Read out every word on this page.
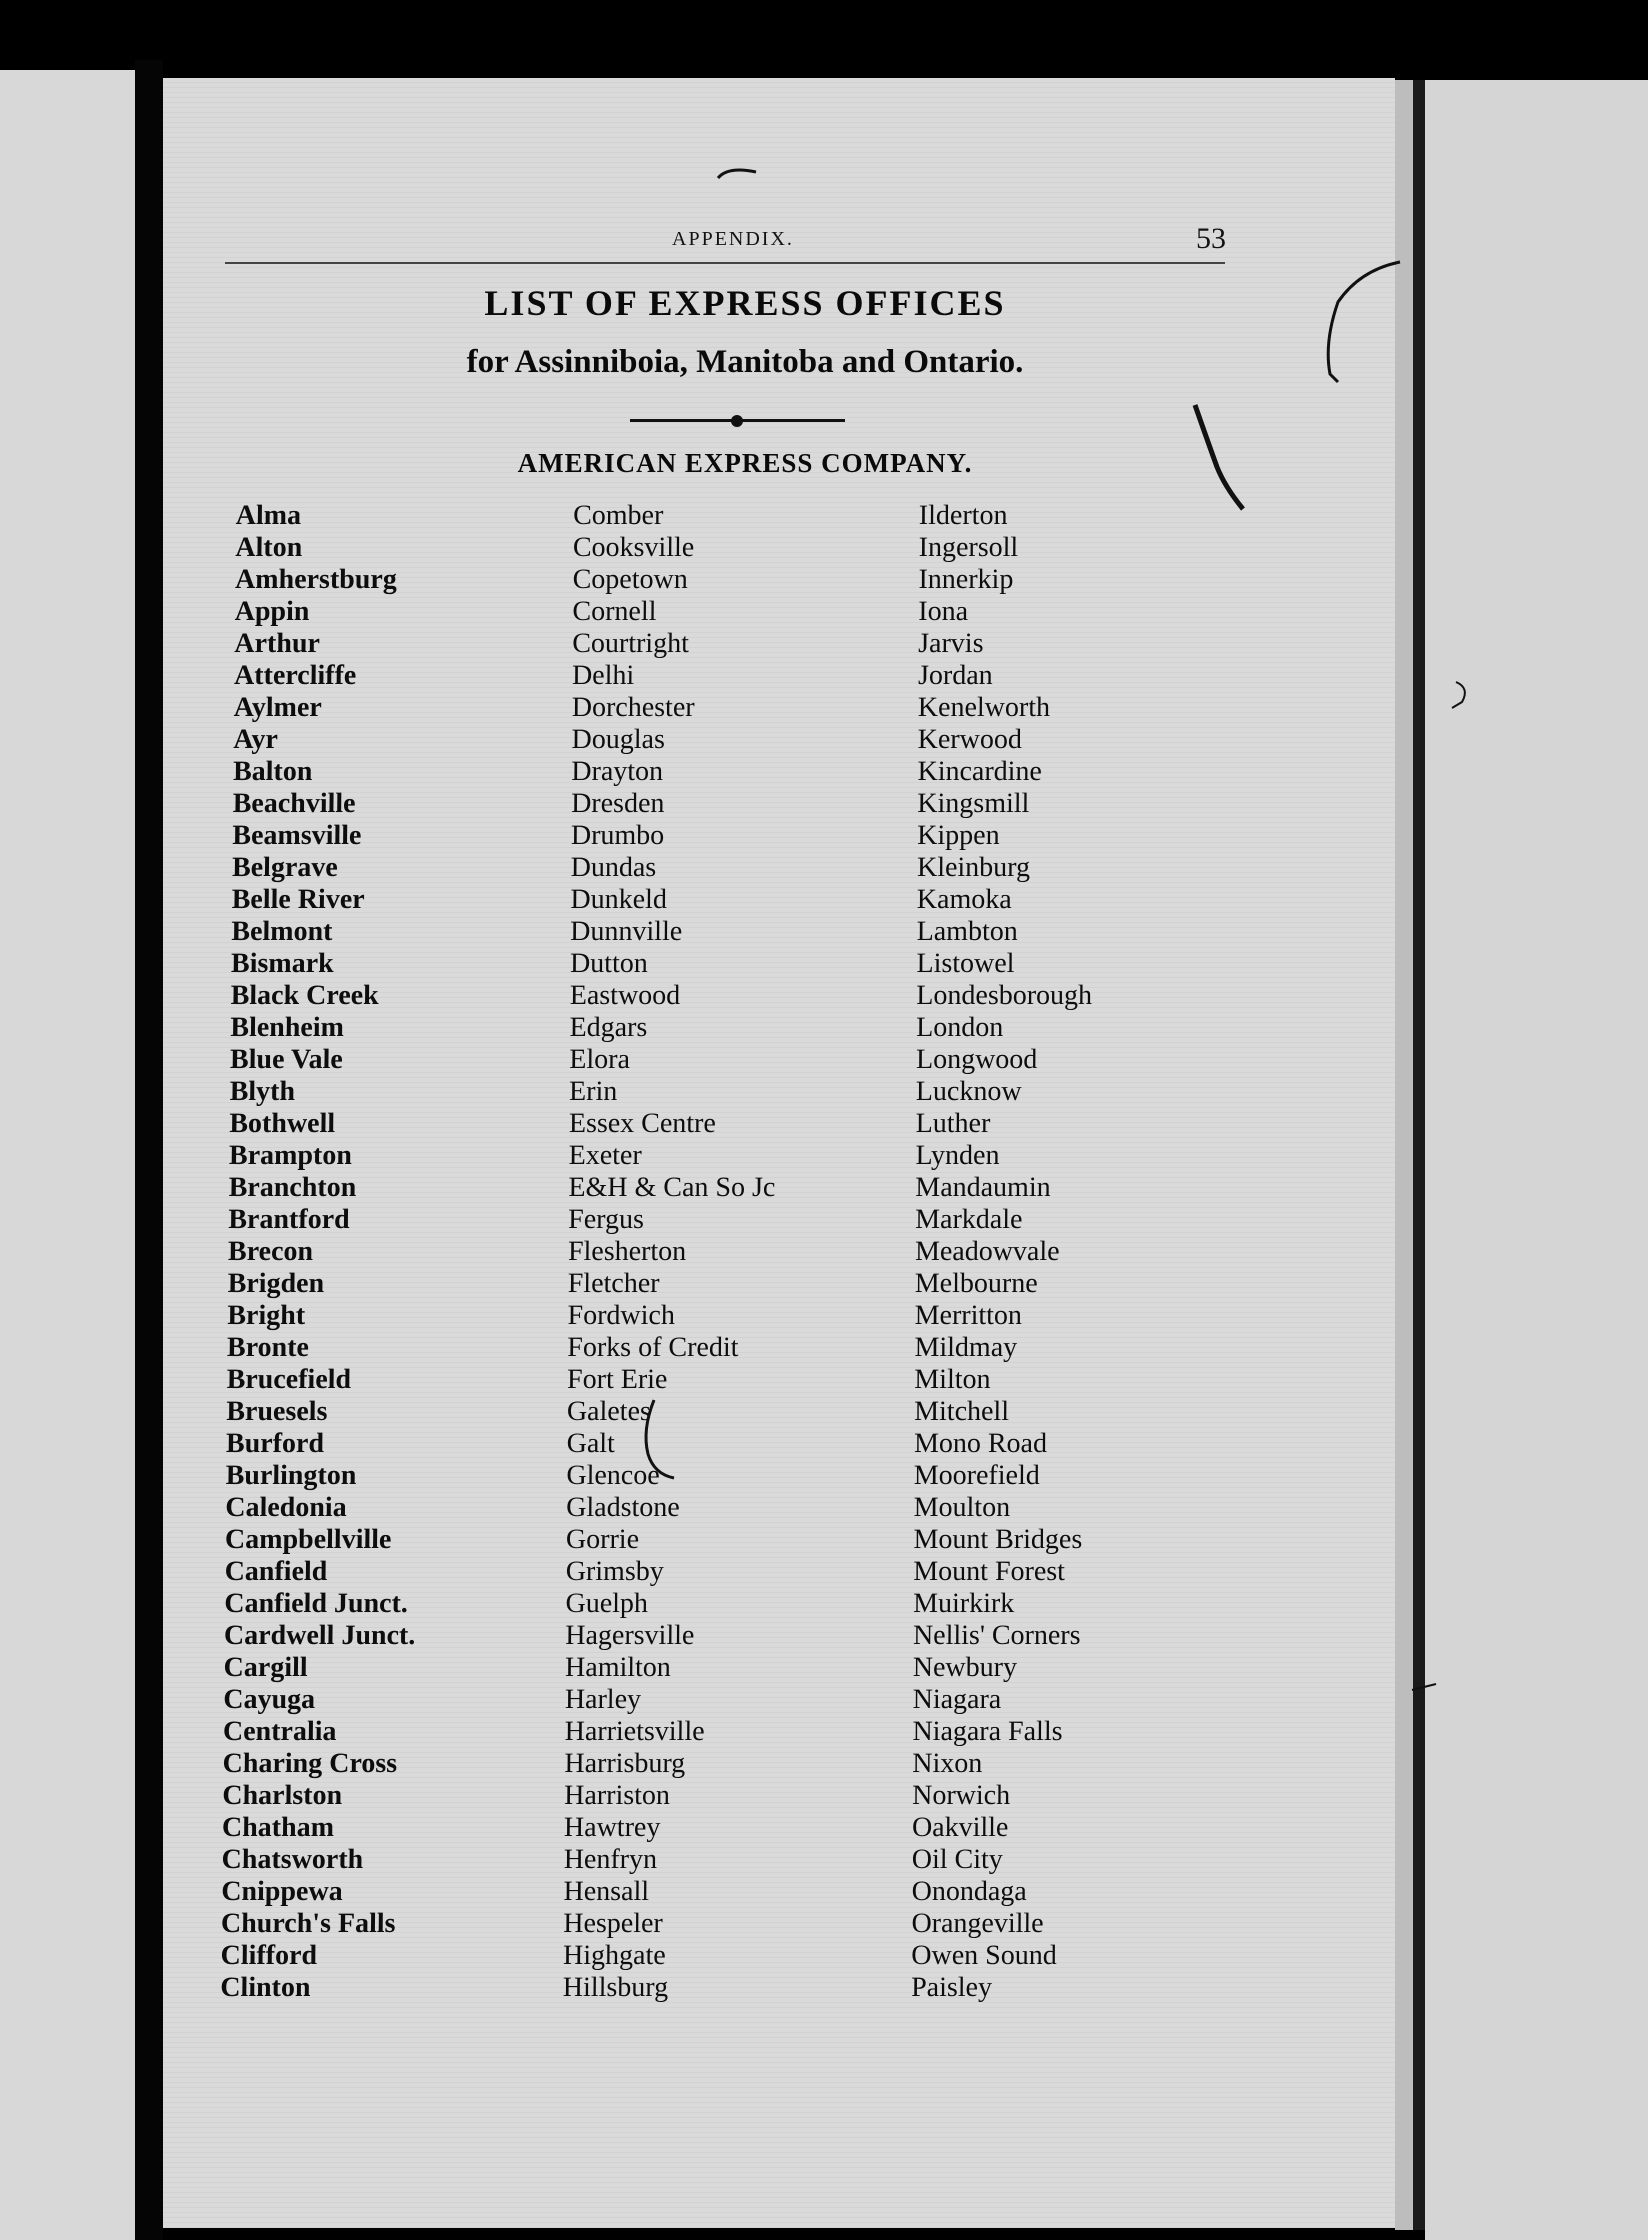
APPENDIX.	53
LIST OF EXPRESS OFFICES
for Assinniboia, Manitoba and Ontario.
AMERICAN EXPRESS COMPANY.
Alma
Alton
Amherstburg
Appin
Arthur
Attercliffe
Aylmer
Ayr
Balton
Beachville
Beamsville
Belgrave
Belle River
Belmont
Bismark
Black Creek
Blenheim
Blue Vale
Blyth
Bothwell
Brampton
Branchton
Brantford
Brecon
Brigden
Bright
Bronte
Brucefield
Bruesels
Burford
Burlington
Caledonia
Campbellville
Canfield
Canfield Junct.
Cardwell Junct.
Cargill
Cayuga
Centralia
Charing Cross
Charlston
Chatham
Chatsworth
Cnippewa
Church's Falls
Clifford
Clinton
Comber
Cooksville
Copetown
Cornell
Courtright
Delhi
Dorchester
Douglas
Drayton
Dresden
Drumbo
Dundas
Dunkeld
Dunnville
Dutton
Eastwood
Edgars
Elora
Erin
Essex Centre
Exeter
E&H & Can So Jc
Fergus
Flesherton
Fletcher
Fordwich
Forks of Credit
Fort Erie
Galetes
Galt
Glencoe
Gladstone
Gorrie
Grimsby
Guelph
Hagersville
Hamilton
Harley
Harrietsville
Harrisburg
Harriston
Hawtrey
Henfryn
Hensall
Hespeler
Highgate
Hillsburg
Ilderton
Ingersoll
Innerkip
Iona
Jarvis
Jordan
Kenelworth
Kerwood
Kincardine
Kingsmill
Kippen
Kleinburg
Kamoka
Lambton
Listowel
Londesborough
London
Longwood
Lucknow
Luther
Lynden
Mandaumin
Markdale
Meadowvale
Melbourne
Merritton
Mildmay
Milton
Mitchell
Mono Road
Moorefield
Moulton
Mount Bridges
Mount Forest
Muirkirk
Nellis' Corners
Newbury
Niagara
Niagara Falls
Nixon
Norwich
Oakville
Oil City
Onondaga
Orangeville
Owen Sound
Paisley
